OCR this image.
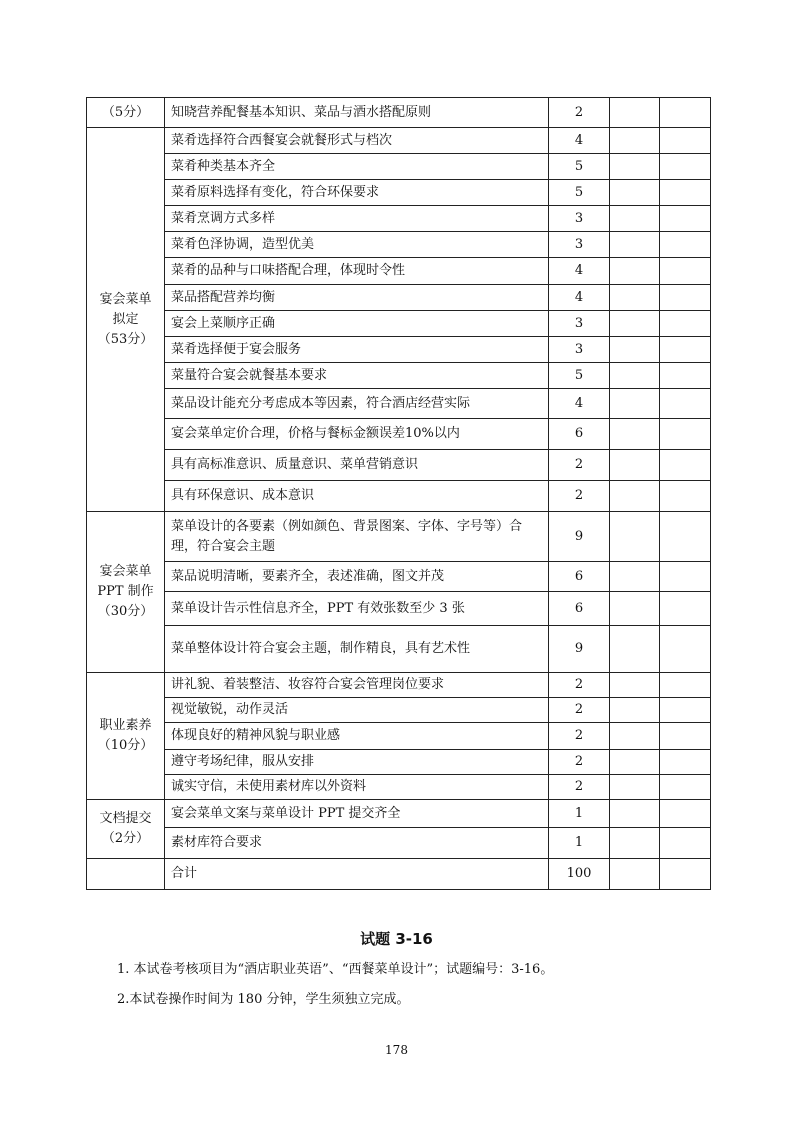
（5分）	知晓营养配餐基本知识、菜品与酒水搭配原则	2		

宴会菜单
拟定
（53分）	菜肴选择符合西餐宴会就餐形式与档次	4		
	菜肴种类基本齐全	5		
	菜肴原料选择有变化，符合环保要求	5		
	菜肴烹调方式多样	3		
	菜肴色泽协调，造型优美	3		
	菜肴的品种与口味搭配合理，体现时令性	4		
	菜品搭配营养均衡	4		
	宴会上菜顺序正确	3		
	菜肴选择便于宴会服务	3		
	菜量符合宴会就餐基本要求	5		
	菜品设计能充分考虑成本等因素，符合酒店经营实际	4		
	宴会菜单定价合理，价格与餐标金额误差10%以内	6		
	具有高标准意识、质量意识、菜单营销意识	2		
	具有环保意识、成本意识	2		

宴会菜单
PPT 制作
（30分）	菜单设计的各要素（例如颜色、背景图案、字体、字号等）合理，符合宴会主题	9		
	菜品说明清晰，要素齐全，表述准确，图文并茂	6		
	菜单设计告示性信息齐全，PPT 有效张数至少 3 张	6		
	菜单整体设计符合宴会主题，制作精良，具有艺术性	9		

职业素养
（10分）	讲礼貌、着装整洁、妆容符合宴会管理岗位要求	2		
	视觉敏锐，动作灵活	2		
	体现良好的精神风貌与职业感	2		
	遵守考场纪律，服从安排	2		
	诚实守信，未使用素材库以外资料	2		

文档提交
（2分）	宴会菜单文案与菜单设计 PPT 提交齐全	1		
	素材库符合要求	1		
	合计	100		

试题 3-16

1. 本试卷考核项目为“酒店职业英语”、“西餐菜单设计”；试题编号：3-16。

2.本试卷操作时间为 180 分钟，学生须独立完成。

178
